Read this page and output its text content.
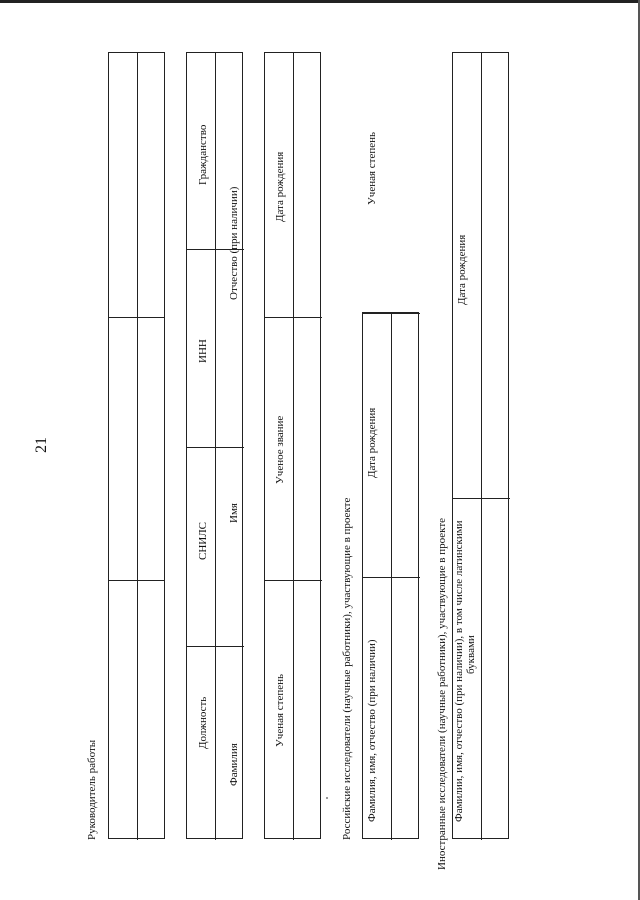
21
Руководитель работы	Фамилия
Имя
Отчество (при наличии)
Должность
СНИЛС
ИНН
Гражданство
Ученая степень
Ученое звание
Дата рождения
Российские исследователи (научные работники), участвующие в проекте Фамилия, имя, отчество (при наличии)
Дата рождения
Ученая степень
Иностранные исследователи (научные работники), участвующие в проекте Фамилии, имя, отчество (при наличии), в том числе латинскими буквами
Дата рождения
